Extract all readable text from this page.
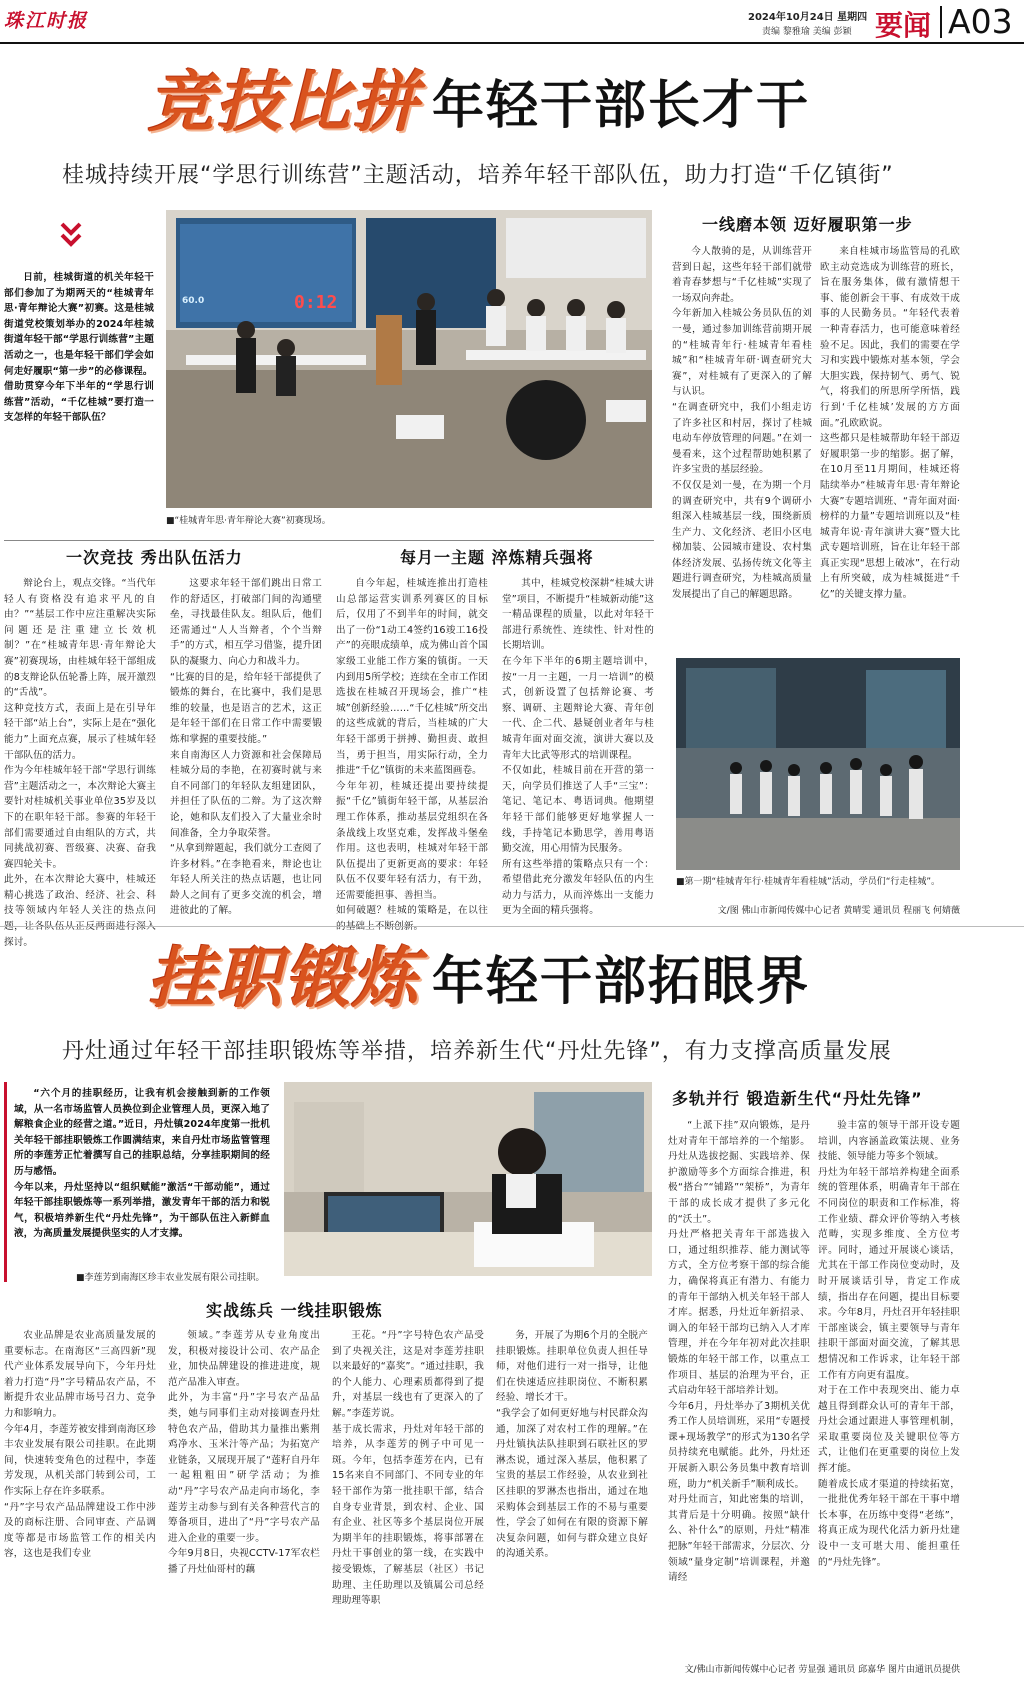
珠江时报	2024年10月24日 星期四
责编 黎雅瑜 美编 彭颖 要闻 A03
竞技比拼 年轻干部长才干
桂城持续开展“学思行训练营”主题活动，培养年轻干部队伍，助力打造“千亿镇街”

日前，桂城街道的机关年轻干部们参加了为期两天的“桂城青年思·青年辩论大赛”初赛。这是桂城街道党校策划举办的2024年桂城街道年轻干部“学思行训练营”主题活动之一，也是年轻干部们学会如何走好履职“第一步”的必修课程。
借助贯穿今年下半年的“学思行训练营”活动，“千亿桂城”要打造一支怎样的年轻干部队伍？

60.0	0:12
■“桂城青年思·青年辩论大赛”初赛现场。
一线磨本领 迈好履职第一步

今人散骑的是，从训练营开营到日起，这些年轻干部们就带着青春梦想与“千亿桂城”实现了一场双向奔赴。
今年新加入桂城公务员队伍的刘一曼，通过参加训练营前期开展的“桂城青年行·桂城青年看桂城”和“桂城青年研·调查研究大赛”，对桂城有了更深入的了解与认识。
“在调查研究中，我们小组走访了许多社区和村居，探讨了桂城电动车停放管理的问题。”在刘一曼看来，这个过程帮助她积累了许多宝贵的基层经验。
不仅仅是刘一曼，在为期一个月的调查研究中，共有9个调研小组深入桂城基层一线，围绕新质生产力、文化经济、老旧小区电梯加装、公园城市建设、农村集体经济发展、弘扬传统文化等主题进行调查研究，为桂城高质量发展提出了自己的解题思路。

来自桂城市场监管局的孔欧欧主动竞选成为训练营的班长，旨在服务集体，做有激情想干事、能创新会干事、有成效干成事的人民勤务员。“年轻代表着一种青春活力，也可能意味着经验不足。因此，我们的需要在学习和实践中锻炼对基本领，学会大胆实践，保持韧气、勇气、锐气，将我们的所思所学所悟，践行到‘千亿桂城’发展的方方面面。”孔欧欧说。
这些都只是桂城帮助年轻干部迈好履职第一步的缩影。据了解，在10月至11月期间，桂城还将陆续举办“桂城青年思·青年辩论大赛”专题培训班、“青年面对面·榜样的力量”专题培训班以及“桂城青年说·青年演讲大赛”暨大比武专题培训班，旨在让年轻干部真正实现“思想上破冰”，在行动上有所突破，成为桂城挺进“千亿”的关键支撑力量。

■第一期“桂城青年行·桂城青年看桂城”活动，学员们“行走桂城”。
文/图 佛山市新闻传媒中心记者 黄晴雯 通讯员 程丽飞 何婧薇
一次竞技 秀出队伍活力	每月一主题 淬炼精兵强将

辩论台上，观点交锋。“当代年轻人有资格没有追求平凡的自由？”“基层工作中应注重解决实际问题还是注重建立长效机制？”在“桂城青年思·青年辩论大赛”初赛现场，由桂城年轻干部组成的8支辩论队伍轮番上阵，展开激烈的“舌战”。
这种竞技方式，表面上是在引导年轻干部“站上台”，实际上是在“强化能力”上面充点赛，展示了桂城年轻干部队伍的活力。
作为今年桂城年轻干部“学思行训练营”主题活动之一，本次辩论大赛主要针对桂城机关事业单位35岁及以下的在职年轻干部。参赛的年轻干部们需要通过自由组队的方式，共同挑战初赛、晋级赛、决赛、奋我赛四轮关卡。
此外，在本次辩论大赛中，桂城还精心挑选了政治、经济、社会、科技等领域内年轻人关注的热点问 探讨。

这要求年轻干部们跳出日常工作的舒适区，打破部门间的沟通壁垒，寻找最佳队友。组队后，他们还需通过“人人当辩者，个个当辩手”的方式，相互学习借鉴，提升团队的凝聚力、向心力和战斗力。
“比赛的目的是，给年轻干部提供了锻炼的舞台，在比赛中，我们是思维的较量，也是语言的艺术，这正是年轻干部们在日常工作中需要锻炼和掌握的重要技能。”
来自南海区人力资源和社会保障局桂城分局的李艳，在初赛时就与来自不同部门的年轻队友组建团队，并担任了队伍的二辩。为了这次辩论，她和队友们投入了大量业余时间准备，全力争取荣誉。
“从拿到辩题起，我们就分工查阅了许多材料。”在李艳看来，辩论也让年轻人所关注的热点话题，也让同龄人之间有了更多交流的机会，增进彼此的了解。

自今年起，桂城连推出打造桂山总部运营实训系列赛区的目标后，仅用了不到半年的时间，就交出了一份“1动工4签约16竣工16投产”的亮眼成绩单，成为佛山首个国家级工业能工作方案的镇街。一天内到用5所学校；连续在全市工作团选拔在桂城召开现场会，推广“桂城”创新经验……“千亿桂城”所交出的这些成就的背后，当桂城的广大年轻干部勇于拼搏、勤担责、敢担当，勇于担当，用实际行动，全力推进“千亿”镇街的未来蓝图画卷。
今年年初，桂城还提出要持续提振“千亿”镇街年轻干部，从基层治理工作体系，推动基层党组织在各条战线上攻坚克难，发挥战斗堡垒作用。这也表明，桂城对年轻干部队伍提出了更新更高的要求：年轻队伍不仅要年轻有活力，有干劲，还需要能担事、善担当。
如何破题？桂城的策略是，在以往

其中，桂城党校深耕“桂城大讲堂”项目，不断提升“桂城新动能”这一精品课程的质量，以此对年轻干部进行系统性、连续性、针对性的长期培训。
在今年下半年的6期主题培训中，按“一月一主题，一月一培训”的模式，创新设置了包括辩论赛、考察、调研、主题辩论大赛、青年创一代、企二代、悬疑创业者年与桂城青年面对面交流，演讲大赛以及青年大比武等形式的培训课程。
不仅如此，桂城目前在开营的第一天，向学员们推送了人手“三宝”：笔记、笔记本、粤语词典。他期望年轻干部们能够更好地掌握人一线，手持笔记本勤思学，善用粤语勤交流，用心用情为民服务。
所有这些举措的策略点只有一个：希望借此充分激发年轻队伍的内生动力与活力，从而淬炼出一支能力更为全面的精兵强将。

挂职锻炼 年轻干部拓眼界
丹灶通过年轻干部挂职锻炼等举措，培养新生代“丹灶先锋”，有力支撑高质量发展

“六个月的挂职经历，让我有机会接触到新的工作领域，从一名市场监管人员换位到企业管理人员，更深入地了解粮食企业的经营之道。”近日，丹灶镇2024年度第一批机关年轻干部挂职锻炼工作圆满结束，来自丹灶市场监管管理所的李莲芳正忙着撰写自己的挂职总结，分享挂职期间的经历与感悟。
今年以来，丹灶坚持以“组织赋能”激活“干部动能”，通过年轻干部挂职锻炼等一系列举措，激发青年干部的活力和锐气，积极培养新生代“丹灶先锋”，为干部队伍注入新鲜血液，为高质量发展提供坚实的人才支撑。

■李莲芳到南海区珍丰农业发展有限公司挂职。
实战练兵 一线挂职锻炼

农业品牌是农业高质量发展的重要标志。在南海区“三高四新”现代产业体系发展导向下，今年丹灶着力打造“丹”字号精品农产品，不断提升农业品牌市场号召力、竞争力和影响力。
今年4月，李莲芳被安排到南海区珍丰农业发展有限公司挂职。在此期间，快速转变角色的过程中，李莲芳发现，从机关部门转到公司，工作实际上存在许多联系。
“丹”字号农产品品牌建设工作中涉及的商标注册、合同审查、产品调度等都是市场监管工作的相关内容，这也是我们专业

领域。”李莲芳从专业角度出发，积极对接设计公司、农产品企业，加快品牌建设的推进进度，规范产品准入审查。
此外，为丰富“丹”字号农产品品类，她与同事们主动对接调查丹灶特色农产品，借助其力量推出紫荆鸡净水、玉米汁等产品；为拓宽产业链条，又展现开展了“莲籽自丹年一起粗粗田”研学活动；为推动“丹”字号农产品走向市场化，李莲芳主动参与到有关各种营代言的筹备项目，进出了“丹”字号农产品进入企业的重要一步。
今年9月8日，央视CCTV-17军农栏播了丹灶仙哥村的藕

王花。“丹”字号特色农产品受到了央视关注，这是对李莲芳挂职以来最好的“嘉奖”。“通过挂职，我的个人能力、心理素质都得到了提升，对基层一线也有了更深入的了解。”李莲芳说。
基于成长需求，丹灶对年轻干部的培养，从李莲芳的例子中可见一斑。今年，包括李莲芳在内，已有15名来自不同部门、不同专业的年轻干部作为第一批挂职干部，结合自身专业背景，到农村、企业、国有企业、社区等多个基层岗位开展为期半年的挂职锻炼，将事部署在丹灶干事创业的第一线，在实践中接受锻炼，了解基层（社区）书记助理、主任助理以及镇属公司总经理助理等职

务，开展了为期6个月的全脱产挂职锻炼。挂职单位负责人担任导师，对他们进行一对一指导，让他们在快速适应挂职岗位、不断积累经验、增长才干。
“我学会了如何更好地与村民群众沟通，加深了对农村工作的理解。”在丹灶镇执法队挂职到石联社区的罗淋杰说，通过深入基层，他积累了宝贵的基层工作经验，从农业到社区挂职的罗淋杰也指出，通过在地采购体会到基层工作的不易与重要性，学会了如何在有限的资源下解决复杂问题，如何与群众建立良好的沟通关系。

多轨并行 锻造新生代“丹灶先锋”

“上派下挂”双向锻炼，是丹灶对青年干部培养的一个缩影。丹灶从选拔挖掘、实践培养、保护激励等多个方面综合推进，积极“搭台”“铺路”“架桥”，为青年干部的成长成才提供了多元化的“沃土”。
丹灶严格把关青年干部选拔入口，通过组织推荐、能力测试等方式，全方位考察干部的综合能力，确保将真正有潜力、有能力的青年干部纳入机关年轻干部人才库。据悉，丹灶近年新招录、调入的年轻干部均已纳入人才库管理，并在今年年初对此次挂职锻炼的年轻干部工作，以重点工作项目、基层的治理为平台，正式启动年轻干部培养计划。
今年6月，丹灶举办了3期机关优秀工作人员培训班，采用“专题授课+现场教学”的形式为130名学员持续充电赋能。此外，丹灶还开展新入职公务员集中教育培训班，助力“机关新手”顺利成长。
对丹灶而言，知此密集的培训，其背后是十分明确。按照“缺什么、补什么”的原则，丹灶“精准把脉”年轻干部需求，分层次、分领域“量身定制”培训课程，并邀请经

验丰富的领导干部开设专题培训，内容涵盖政策法规、业务技能、领导能力等多个领域。
丹灶为年轻干部培养构建全面系统的管理体系，明确青年干部在不同岗位的职责和工作标准，将工作业绩、群众评价等纳入考核范畴，实现多维度、全方位考评。同时，通过开展谈心谈话，尤其在干部工作岗位变动时，及时开展谈话引导，肯定工作成绩，指出存在问题，提出目标要求。今年8月，丹灶召开年轻挂职干部座谈会，镇主要领导与青年挂职干部面对面交流，了解其思想情况和工作诉求，让年轻干部工作有方向更有温度。
对于在工作中表现突出、能力卓越且得到群众认可的青年干部，丹灶会通过跟进人事管理机制，采取重要岗位及关键职位等方式，让他们在更重要的岗位上发挥才能。
随着成长成才渠道的持续拓宽，一批批优秀年轻干部在干事中增长本事，在历练中变得“老练”，将真正成为现代化活力新丹灶建设中一支可堪大用、能担重任的“丹灶先锋”。

文/佛山市新闻传媒中心记者 劳显强 通讯员 邱嘉华 图片由通讯员提供
